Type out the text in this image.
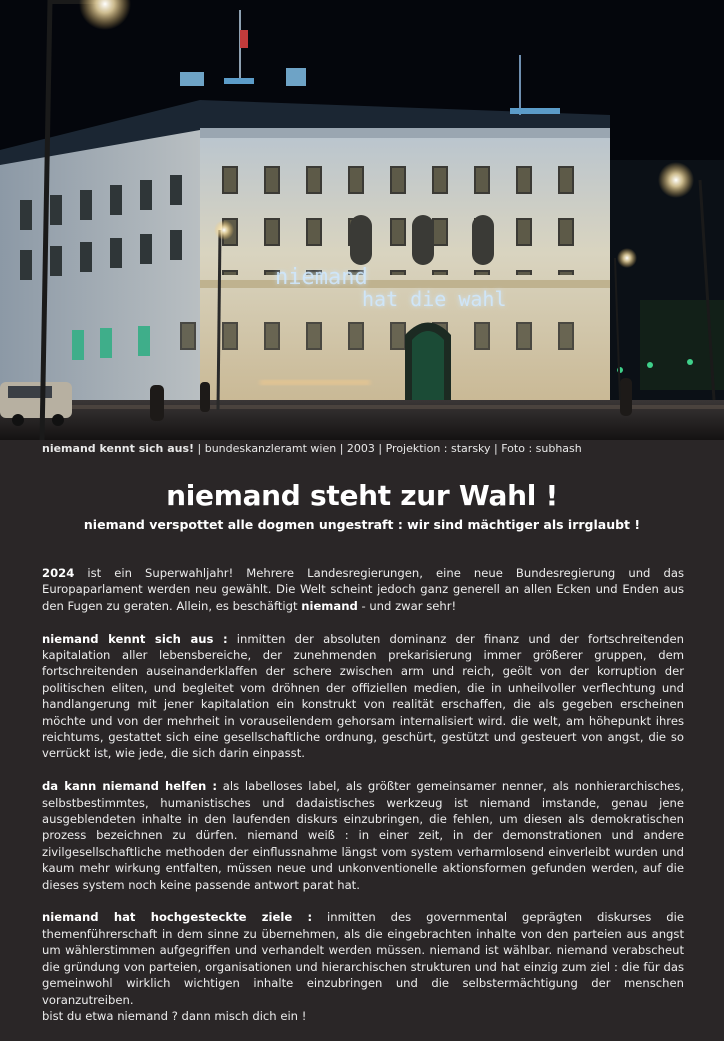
niemand
hat die wahl
niemand kennt sich aus! | bundeskanzleramt wien | 2003 | Projektion : starsky | Foto : subhash
niemand steht zur Wahl !
niemand verspottet alle dogmen ungestraft : wir sind mächtiger als irrglaubt !

2024 ist ein Superwahljahr! Mehrere Landesregierungen, eine neue Bundesregierung und das Europaparlament werden neu gewählt. Die Welt scheint jedoch ganz generell an allen Ecken und Enden aus den Fugen zu geraten. Allein, es beschäftigt niemand - und zwar sehr!

niemand kennt sich aus : inmitten der absoluten dominanz der finanz und der fortschreitenden kapitalation aller lebensbereiche, der zunehmenden prekarisierung immer größerer gruppen, dem fortschreitenden auseinanderklaffen der schere zwischen arm und reich, geölt von der korruption der politischen eliten, und begleitet vom dröhnen der offiziellen medien, die in unheilvoller verflechtung und handlangerung mit jener kapitalation ein konstrukt von realität erschaffen, die als gegeben erscheinen möchte und von der mehrheit in vorauseilendem gehorsam internalisiert wird. die welt, am höhepunkt ihres reichtums, gestattet sich eine gesellschaftliche ordnung, geschürt, gestützt und gesteuert von angst, die so verrückt ist, wie jede, die sich darin einpasst.

da kann niemand helfen : als labelloses label, als größter gemeinsamer nenner, als nonhierarchisches, selbstbestimmtes, humanistisches und dadaistisches werkzeug ist niemand imstande, genau jene ausgeblendeten inhalte in den laufenden diskurs einzubringen, die fehlen, um diesen als demokratischen prozess bezeichnen zu dürfen. niemand weiß : in einer zeit, in der demonstrationen und andere zivilgesellschaftliche methoden der einflussnahme längst vom system verharmlosend einverleibt wurden und kaum mehr wirkung entfalten, müssen neue und unkonventionelle aktionsformen gefunden werden, auf die dieses system noch keine passende antwort parat hat.

niemand hat hochgesteckte ziele : inmitten des governmental geprägten diskurses die themenführerschaft in dem sinne zu übernehmen, als die eingebrachten inhalte von den parteien aus angst um wählerstimmen aufgegriffen und verhandelt werden müssen. niemand ist wählbar. niemand verabscheut die gründung von parteien, organisationen und hierarchischen strukturen und hat einzig zum ziel : die für das gemeinwohl wirklich wichtigen inhalte einzubringen und die selbstermächtigung der menschen voranzutreiben.
bist du etwa niemand ? dann misch dich ein !
